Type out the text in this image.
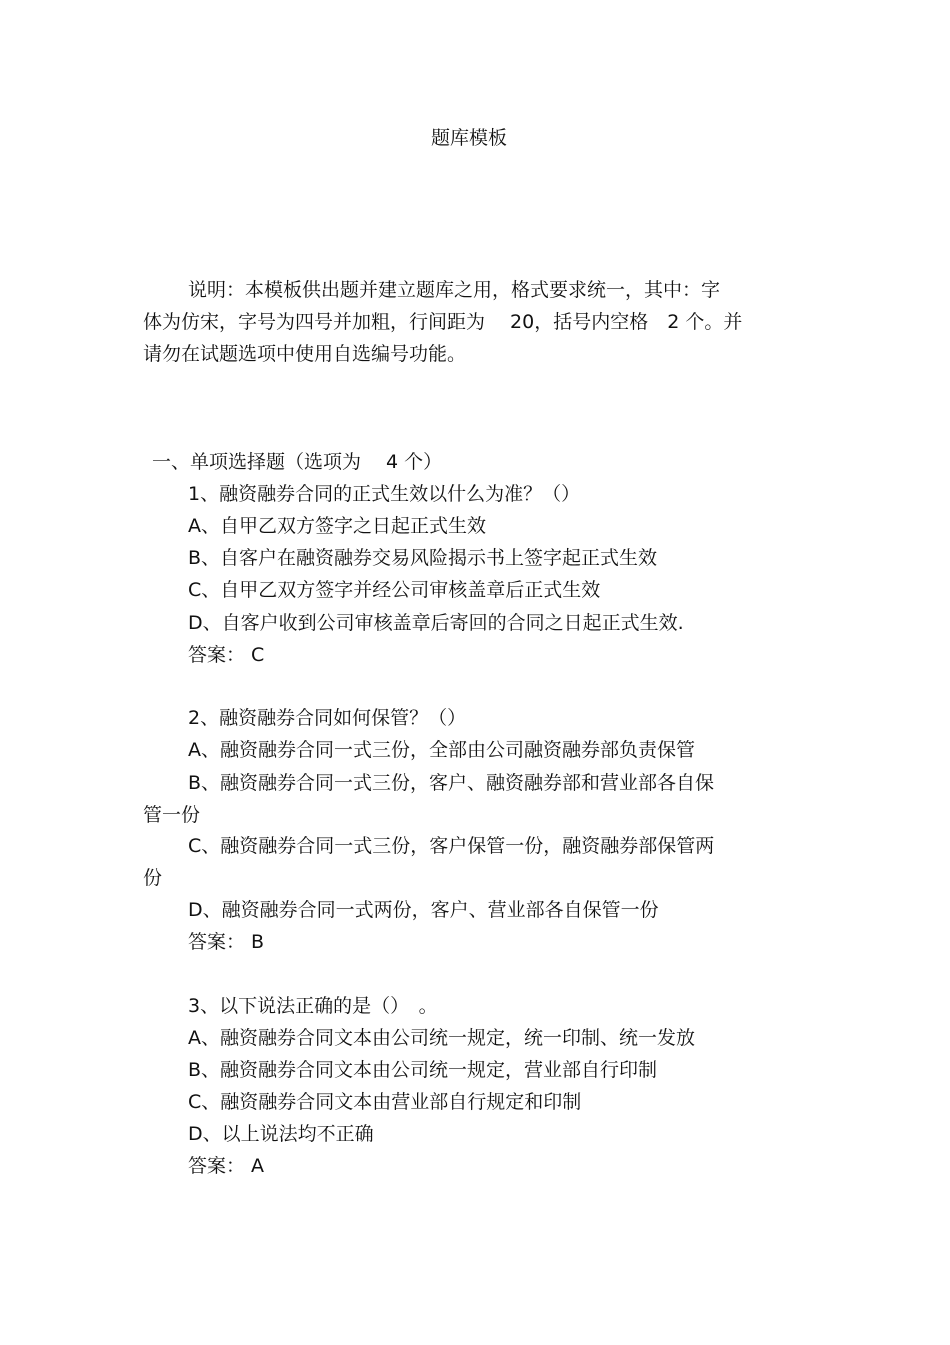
题库模板

说明：本模板供出题并建立题库之用，格式要求统一，其中：字

体为仿宋，字号为四号并加粗，行间距为　 20，括号内空格　2 个。并

请勿在试题选项中使用自选编号功能。

一、单项选择题（选项为　 4 个）

1、融资融券合同的正式生效以什么为准？（）

A、自甲乙双方签字之日起正式生效

B、自客户在融资融券交易风险揭示书上签字起正式生效

C、自甲乙双方签字并经公司审核盖章后正式生效

D、自客户收到公司审核盖章后寄回的合同之日起正式生效.

答案： C

2、融资融券合同如何保管？（）

A、融资融券合同一式三份，全部由公司融资融券部负责保管

B、融资融券合同一式三份，客户、融资融券部和营业部各自保

管一份

C、融资融券合同一式三份，客户保管一份，融资融券部保管两

份

D、融资融券合同一式两份，客户、营业部各自保管一份

答案： B

3、以下说法正确的是（）　。

A、融资融券合同文本由公司统一规定，统一印制、统一发放

B、融资融券合同文本由公司统一规定，营业部自行印制

C、融资融券合同文本由营业部自行规定和印制

D、以上说法均不正确

答案： A
